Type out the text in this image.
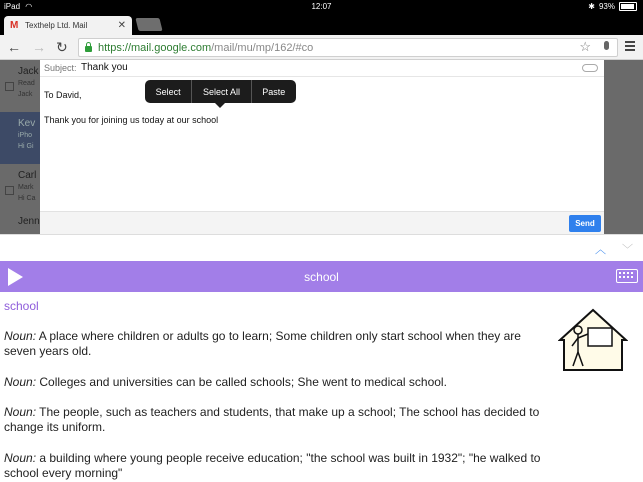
iPad ◠	12:07	✱ 93%
M Texthelp Ltd. Mail	✕
← → ↻	https://mail.google.com /mail/mu/mp/162/#co	☆
Jack
Read
Jack
Kev
iPho
Hi Gi
Carl
Mark
Hi Ca
Jenn
Subject: Thank you
To David,
Thank you for joining us today at our school
Send
Select	Select All	Paste
︿	﹀
school
school
Noun: A place where children or adults go to learn; Some children only start school when they are seven years old.
Noun: Colleges and universities can be called schools; She went to medical school.
Noun: The people, such as teachers and students, that make up a school; The school has decided to change its uniform.
Noun: a building where young people receive education; "the school was built in 1932"; "he walked to school every morning"
